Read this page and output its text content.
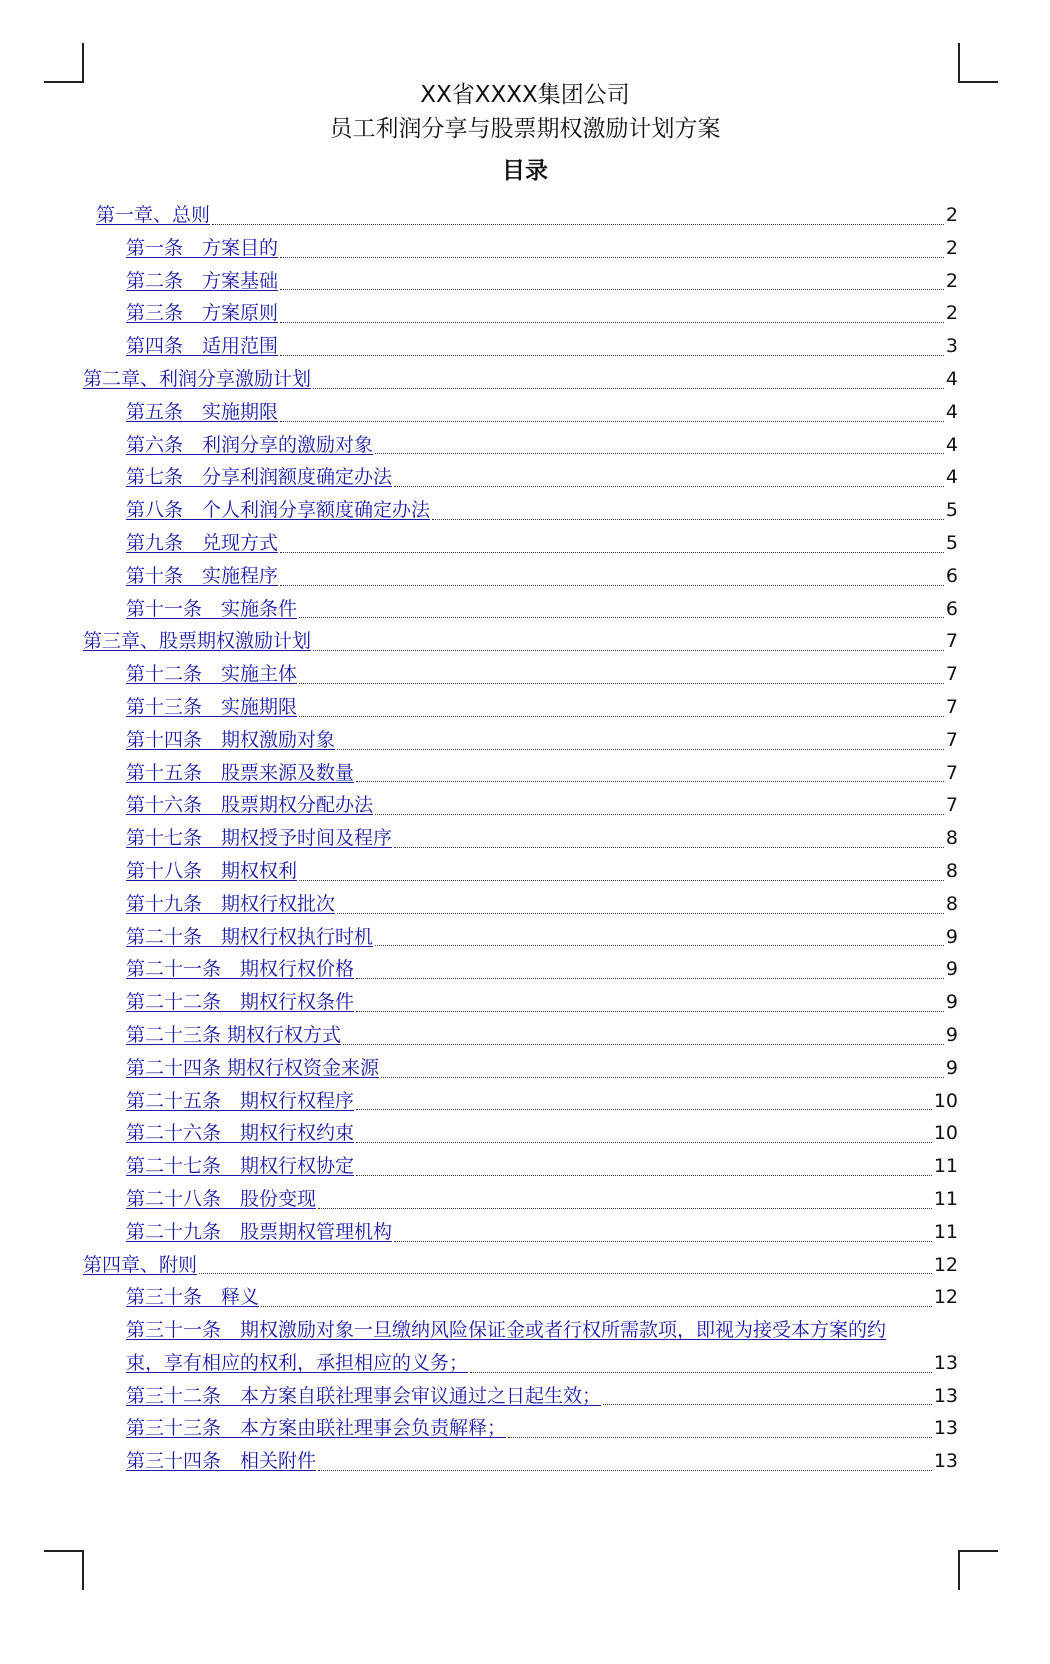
XX省XXXX集团公司
员工利润分享与股票期权激励计划方案
目录
第一章、总则	2
第一条　方案目的	2
第二条　方案基础	2
第三条　方案原则	2
第四条　适用范围	3
第二章、利润分享激励计划	4
第五条　实施期限	4
第六条　利润分享的激励对象	4
第七条　分享利润额度确定办法	4
第八条　个人利润分享额度确定办法	5
第九条　兑现方式	5
第十条　实施程序	6
第十一条　实施条件	6
第三章、股票期权激励计划	7
第十二条　实施主体	7
第十三条　实施期限	7
第十四条　期权激励对象	7
第十五条　股票来源及数量	7
第十六条　股票期权分配办法	7
第十七条　期权授予时间及程序	8
第十八条　期权权利	8
第十九条　期权行权批次	8
第二十条　期权行权执行时机	9
第二十一条　期权行权价格	9
第二十二条　期权行权条件	9
第二十三条 期权行权方式	9
第二十四条 期权行权资金来源	9
第二十五条　期权行权程序	10
第二十六条　期权行权约束	10
第二十七条　期权行权协定	11
第二十八条　股份变现	11
第二十九条　股票期权管理机构	11
第四章、附则	12
第三十条　释义	12
第三十一条　期权激励对象一旦缴纳风险保证金或者行权所需款项，即视为接受本方案的约
束，享有相应的权利，承担相应的义务；	13
第三十二条　本方案自联社理事会审议通过之日起生效；	13
第三十三条　本方案由联社理事会负责解释；	13
第三十四条　相关附件	13
